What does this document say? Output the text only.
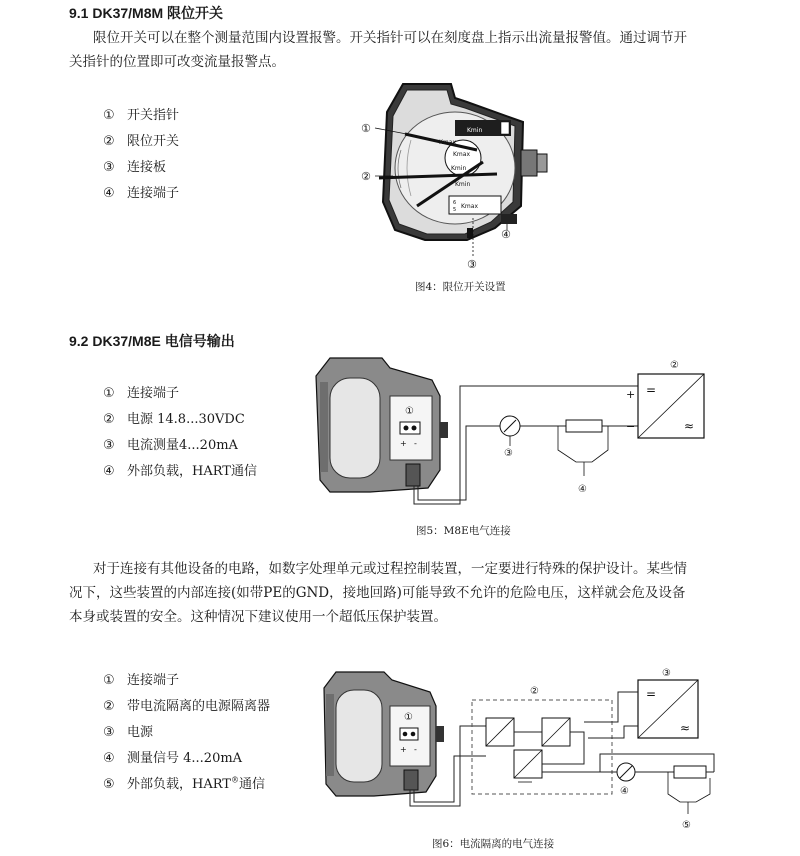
9.1 DK37/M8M 限位开关
限位开关可以在整个测量范围内设置报警。开关指针可以在刻度盘上指示出流量报警值。通过调节开
关指针的位置即可改变流量报警点。
① 开关指针
② 限位开关
③ 连接板
④ 连接端子
Kmin
Kmax
Kmax
Kmin
Kmin
6
5 Kmax
①
②
③
④
图4：限位开关设置
9.2 DK37/M8E 电信号输出
① 连接端子
② 电源 14.8...30VDC
③ 电流测量4...20mA
④ 外部负载，HART通信
+ -
①
③
④
=
≈
+
−
②
图5：M8E电气连接
对于连接有其他设备的电路，如数字处理单元或过程控制装置，一定要进行特殊的保护设计。某些情
况下，这些装置的内部连接(如带PE的GND，接地回路)可能导致不允许的危险电压，这样就会危及设备
本身或装置的安全。这种情况下建议使用一个超低压保护装置。
① 连接端子
② 带电流隔离的电源隔离器
③ 电源
④ 测量信号 4...20mA
⑤ 外部负载，HART®通信
+ -
①
②	=
≈
③
④
⑤
图6：电流隔离的电气连接
